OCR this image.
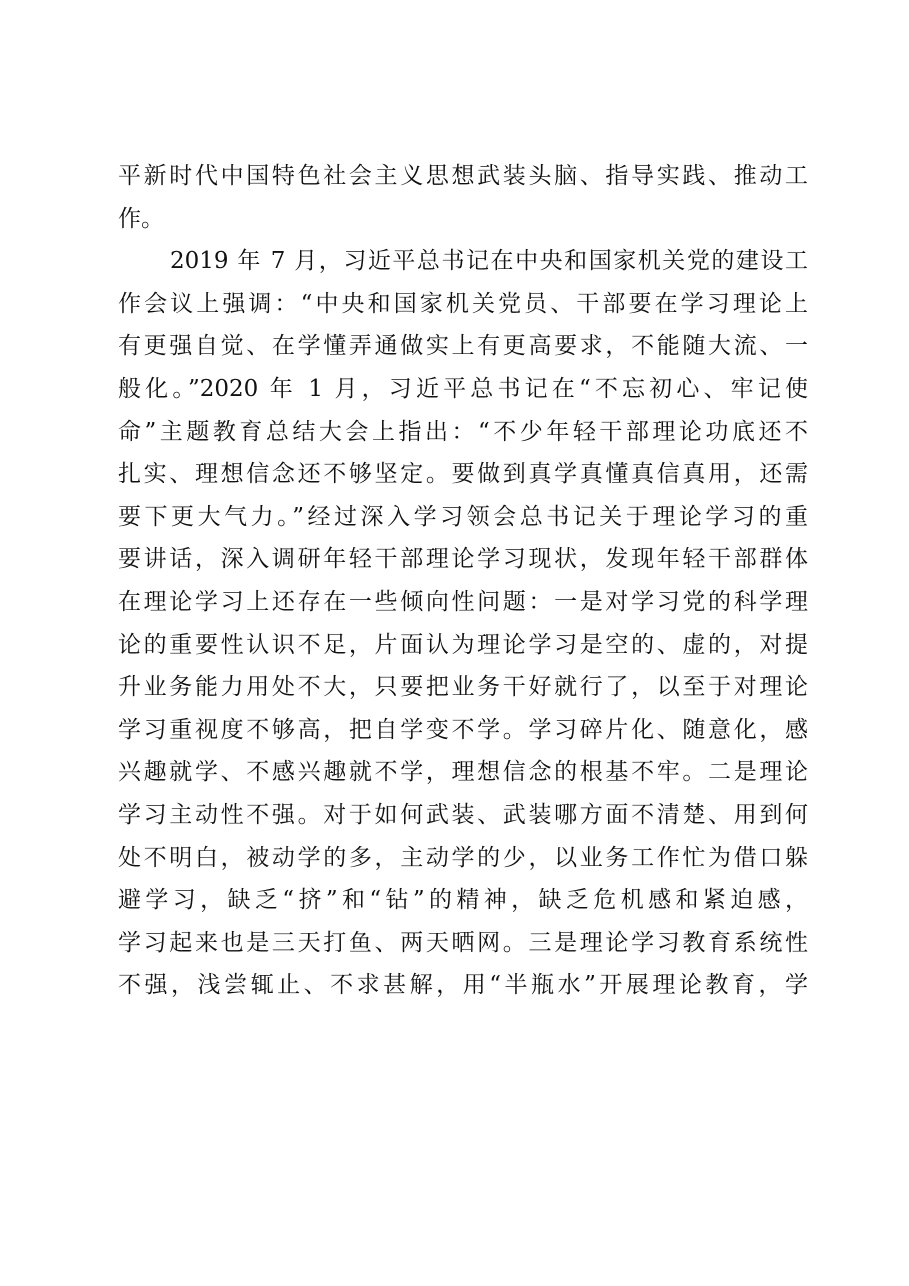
平新时代中国特色社会主义思想武装头脑、指导实践、推动工
作。
2019 年 7 月，习近平总书记在中央和国家机关党的建设工
作会议上强调：“中央和国家机关党员、干部要在学习理论上
有更强自觉、在学懂弄通做实上有更高要求，不能随大流、一
般化。”2020 年 1 月，习近平总书记在“不忘初心、牢记使
命”主题教育总结大会上指出：“不少年轻干部理论功底还不
扎实、理想信念还不够坚定。要做到真学真懂真信真用，还需
要下更大气力。”经过深入学习领会总书记关于理论学习的重
要讲话，深入调研年轻干部理论学习现状，发现年轻干部群体
在理论学习上还存在一些倾向性问题：一是对学习党的科学理
论的重要性认识不足，片面认为理论学习是空的、虚的，对提
升业务能力用处不大，只要把业务干好就行了，以至于对理论
学习重视度不够高，把自学变不学。学习碎片化、随意化，感
兴趣就学、不感兴趣就不学，理想信念的根基不牢。二是理论
学习主动性不强。对于如何武装、武装哪方面不清楚、用到何
处不明白，被动学的多，主动学的少，以业务工作忙为借口躲
避学习，缺乏“挤”和“钻”的精神，缺乏危机感和紧迫感，
学习起来也是三天打鱼、两天晒网。三是理论学习教育系统性
不强，浅尝辄止、不求甚解，用“半瓶水”开展理论教育，学
